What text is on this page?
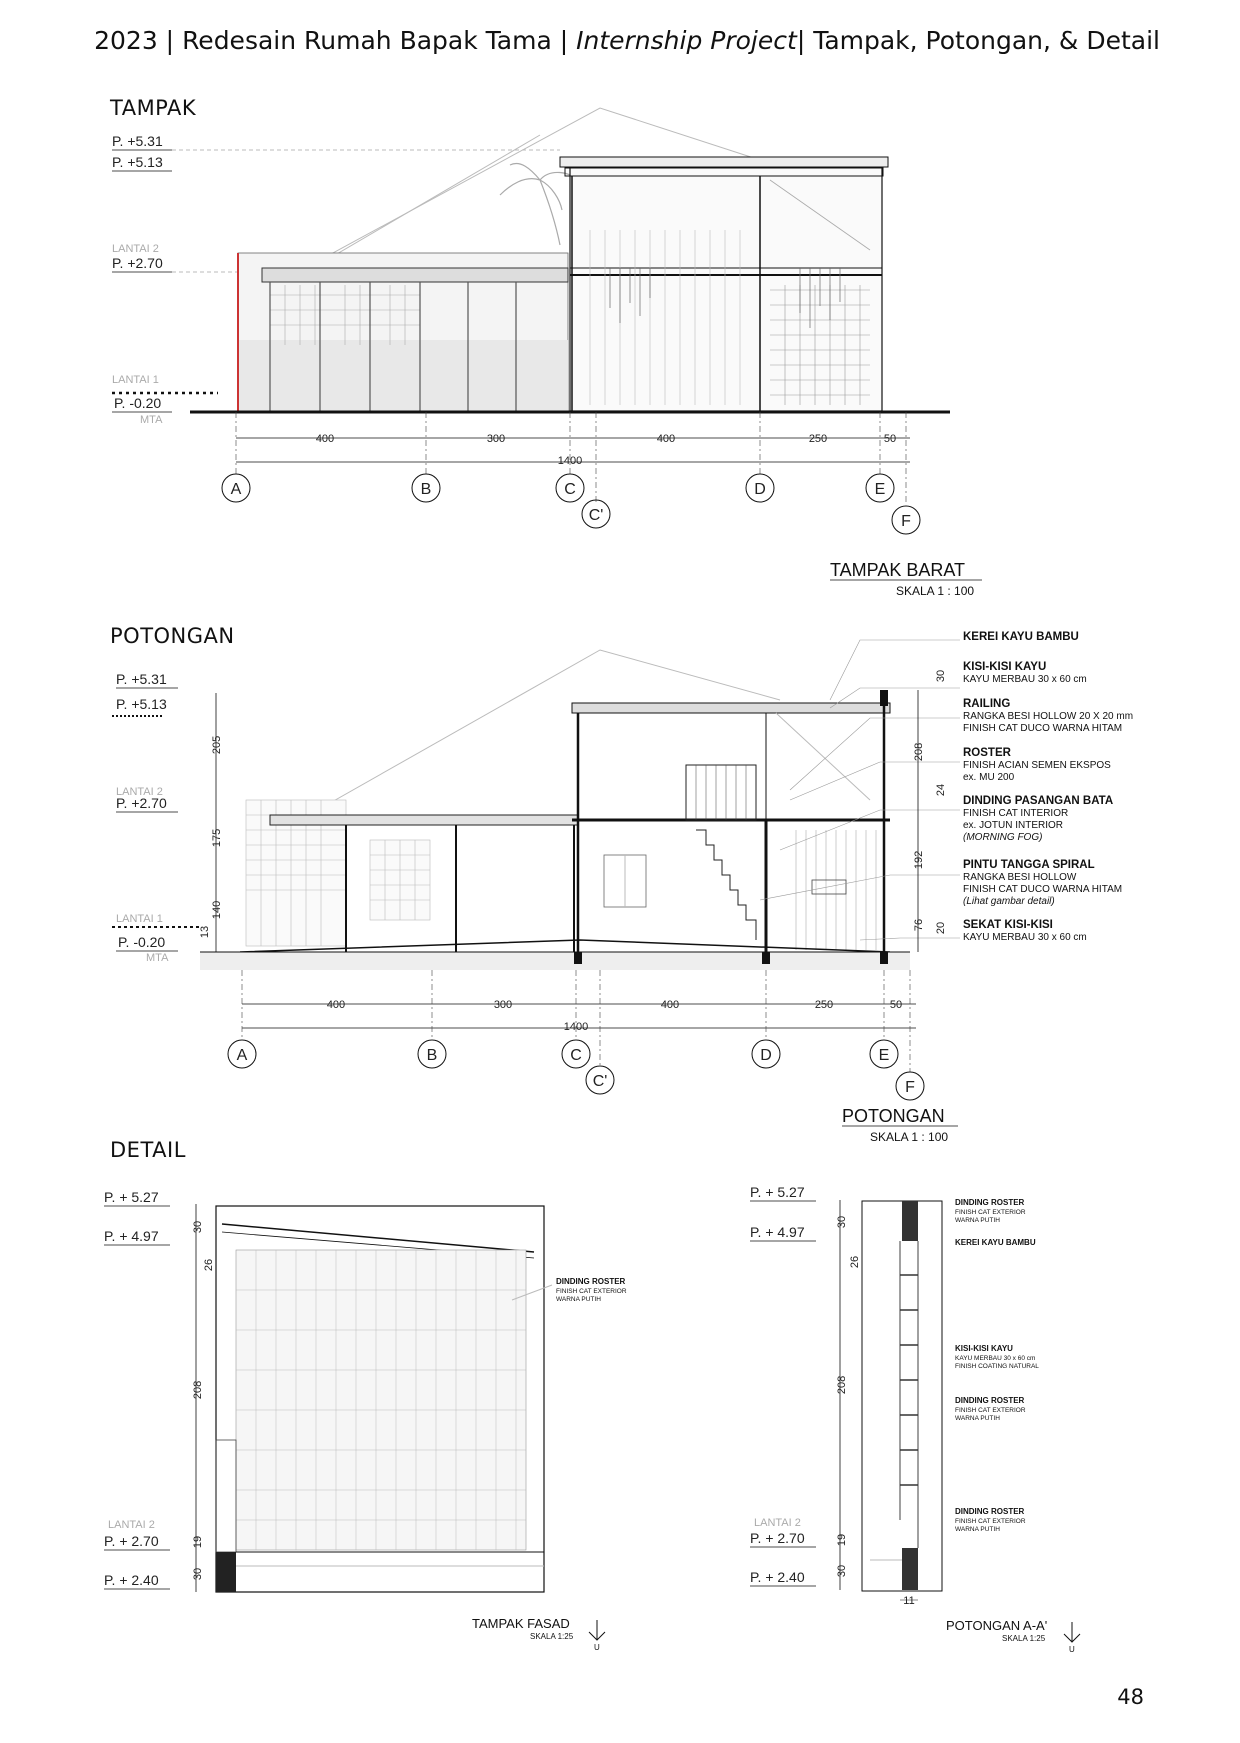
2023 | Redesain Rumah Bapak Tama | Internship Project| Tampak, Potongan, & Detail
TAMPAK
POTONGAN
DETAIL
P. +5.31
P. +5.13
LANTAI 2
P. +2.70
LANTAI 1
P. -0.20
MTA
400	300	400	250	50
1400
A	B	C
C'
D	E
F
TAMPAK BARAT
SKALA 1 : 100
P. +5.31
P. +5.13
LANTAI 2
P. +2.70
LANTAI 1
P. -0.20
MTA
205
175
140
13
30
208
24
192
76 20
KEREI KAYU BAMBU
KISI-KISI KAYU
KAYU MERBAU 30 x 60 cm
RAILING
RANGKA BESI HOLLOW 20 X 20 mm
FINISH CAT DUCO WARNA HITAM
ROSTER
FINISH ACIAN SEMEN EKSPOS
ex. MU 200
DINDING PASANGAN BATA
FINISH CAT INTERIOR
ex. JOTUN INTERIOR
(MORNING FOG)
PINTU TANGGA SPIRAL
RANGKA BESI HOLLOW
FINISH CAT DUCO WARNA HITAM
(Lihat gambar detail)
SEKAT KISI-KISI
KAYU MERBAU 30 x 60 cm
400	300	400	250	50
1400
A	B	C
C'
D	E
F
POTONGAN
SKALA 1 : 100
P. + 5.27
P. + 4.97
LANTAI 2
P. + 2.70
P. + 2.40
30
26
208
19
30
DINDING ROSTER
FINISH CAT EXTERIOR
WARNA PUTIH
TAMPAK FASAD
SKALA 1:25
U
P. + 5.27
P. + 4.97
LANTAI 2
P. + 2.70
P. + 2.40
30
26
208
19
30
11
DINDING ROSTER
FINISH CAT EXTERIOR
WARNA PUTIH
KEREI KAYU BAMBU
KISI-KISI KAYU
KAYU MERBAU 30 x 60 cm
FINISH COATING NATURAL
DINDING ROSTER
FINISH CAT EXTERIOR
WARNA PUTIH
DINDING ROSTER
FINISH CAT EXTERIOR
WARNA PUTIH
POTONGAN A-A'
SKALA 1:25
U
48
